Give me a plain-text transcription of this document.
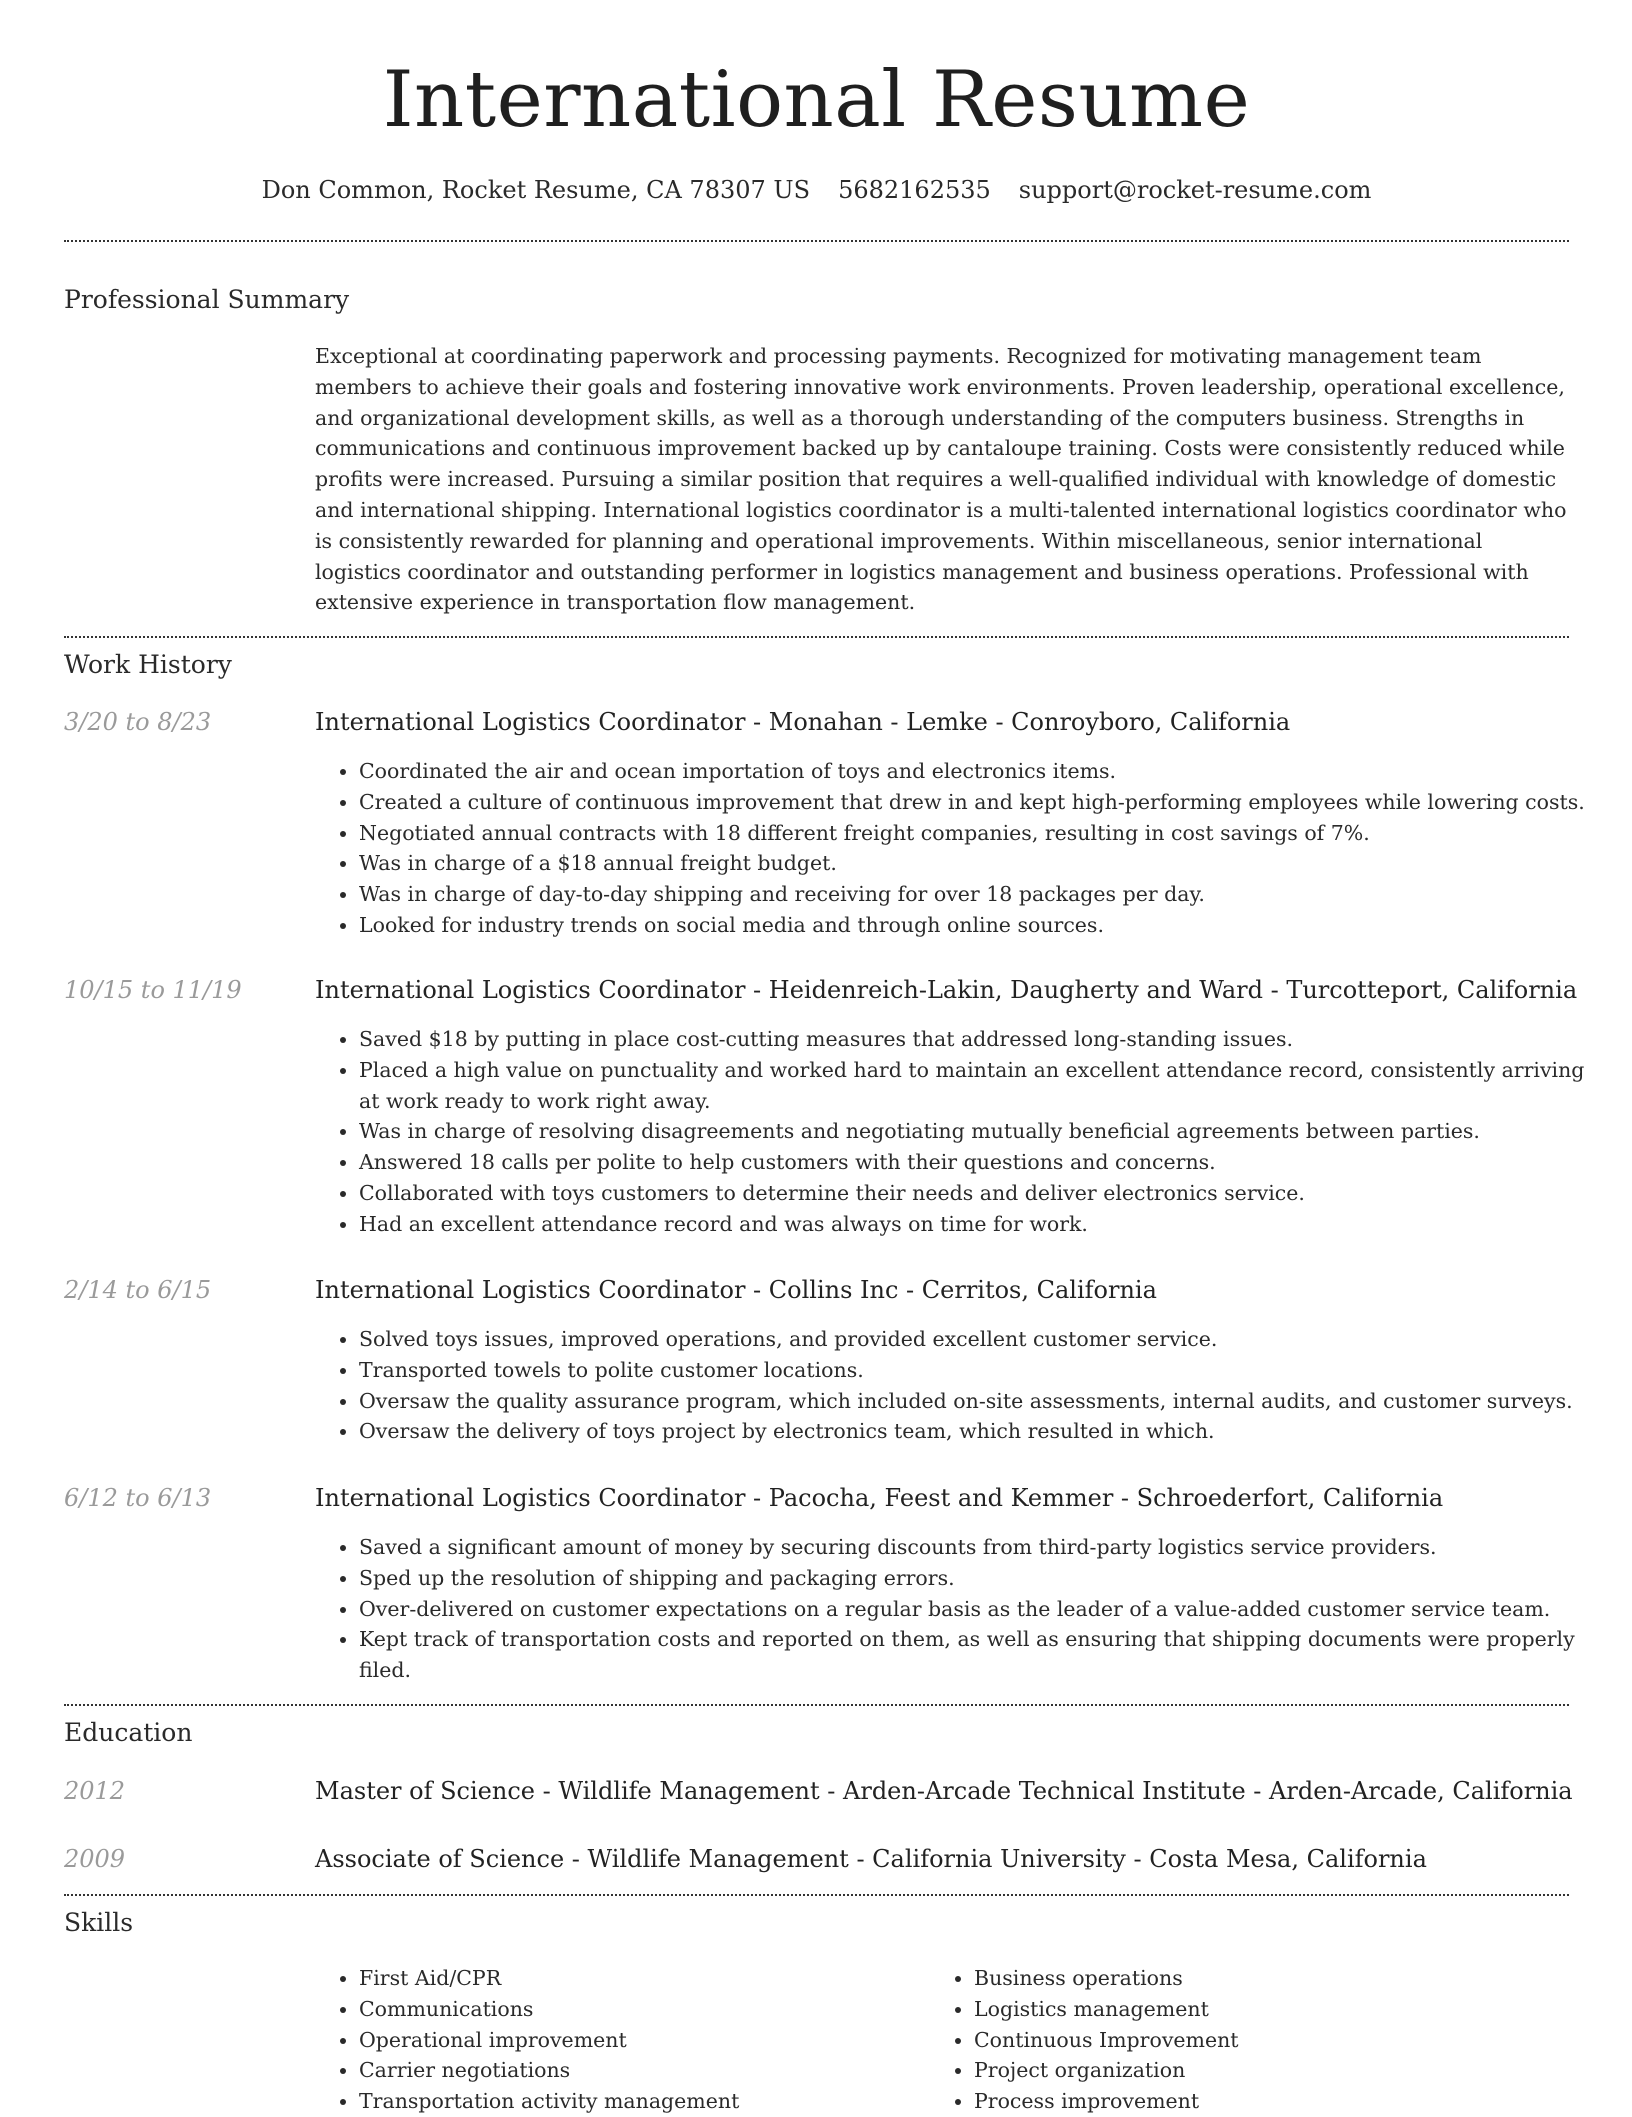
International Resume
Don Common, Rocket Resume, CA 78307 US 5682162535 support@rocket-resume.com
Professional Summary
Exceptional at coordinating paperwork and processing payments. Recognized for motivating management team members to achieve their goals and fostering innovative work environments. Proven leadership, operational excellence, and organizational development skills, as well as a thorough understanding of the computers business. Strengths in communications and continuous improvement backed up by cantaloupe training. Costs were consistently reduced while profits were increased. Pursuing a similar position that requires a well-qualified individual with knowledge of domestic and international shipping. International logistics coordinator is a multi-talented international logistics coordinator who is consistently rewarded for planning and operational improvements. Within miscellaneous, senior international logistics coordinator and outstanding performer in logistics management and business operations. Professional with extensive experience in transportation flow management.
Work History
3/20 to 8/23	International Logistics Coordinator - Monahan - Lemke - Conroyboro, California
• Coordinated the air and ocean importation of toys and electronics items.
• Created a culture of continuous improvement that drew in and kept high-performing employees while lowering costs.
• Negotiated annual contracts with 18 different freight companies, resulting in cost savings of 7%.
• Was in charge of a $18 annual freight budget.
• Was in charge of day-to-day shipping and receiving for over 18 packages per day.
• Looked for industry trends on social media and through online sources.
10/15 to 11/19	International Logistics Coordinator - Heidenreich-Lakin, Daugherty and Ward - Turcotteport, California
• Saved $18 by putting in place cost-cutting measures that addressed long-standing issues.
• Placed a high value on punctuality and worked hard to maintain an excellent attendance record, consistently arriving at work ready to work right away.
• Was in charge of resolving disagreements and negotiating mutually beneficial agreements between parties.
• Answered 18 calls per polite to help customers with their questions and concerns.
• Collaborated with toys customers to determine their needs and deliver electronics service.
• Had an excellent attendance record and was always on time for work.
2/14 to 6/15	International Logistics Coordinator - Collins Inc - Cerritos, California
• Solved toys issues, improved operations, and provided excellent customer service.
• Transported towels to polite customer locations.
• Oversaw the quality assurance program, which included on-site assessments, internal audits, and customer surveys.
• Oversaw the delivery of toys project by electronics team, which resulted in which.
6/12 to 6/13	International Logistics Coordinator - Pacocha, Feest and Kemmer - Schroederfort, California
• Saved a significant amount of money by securing discounts from third-party logistics service providers.
• Sped up the resolution of shipping and packaging errors.
• Over-delivered on customer expectations on a regular basis as the leader of a value-added customer service team.
• Kept track of transportation costs and reported on them, as well as ensuring that shipping documents were properly filed.
Education
2012	Master of Science - Wildlife Management - Arden-Arcade Technical Institute - Arden-Arcade, California
2009	Associate of Science - Wildlife Management - California University - Costa Mesa, California
Skills
• First Aid/CPR
• Communications
• Operational improvement
• Carrier negotiations
• Transportation activity management
• Business operations
• Logistics management
• Continuous Improvement
• Project organization
• Process improvement
